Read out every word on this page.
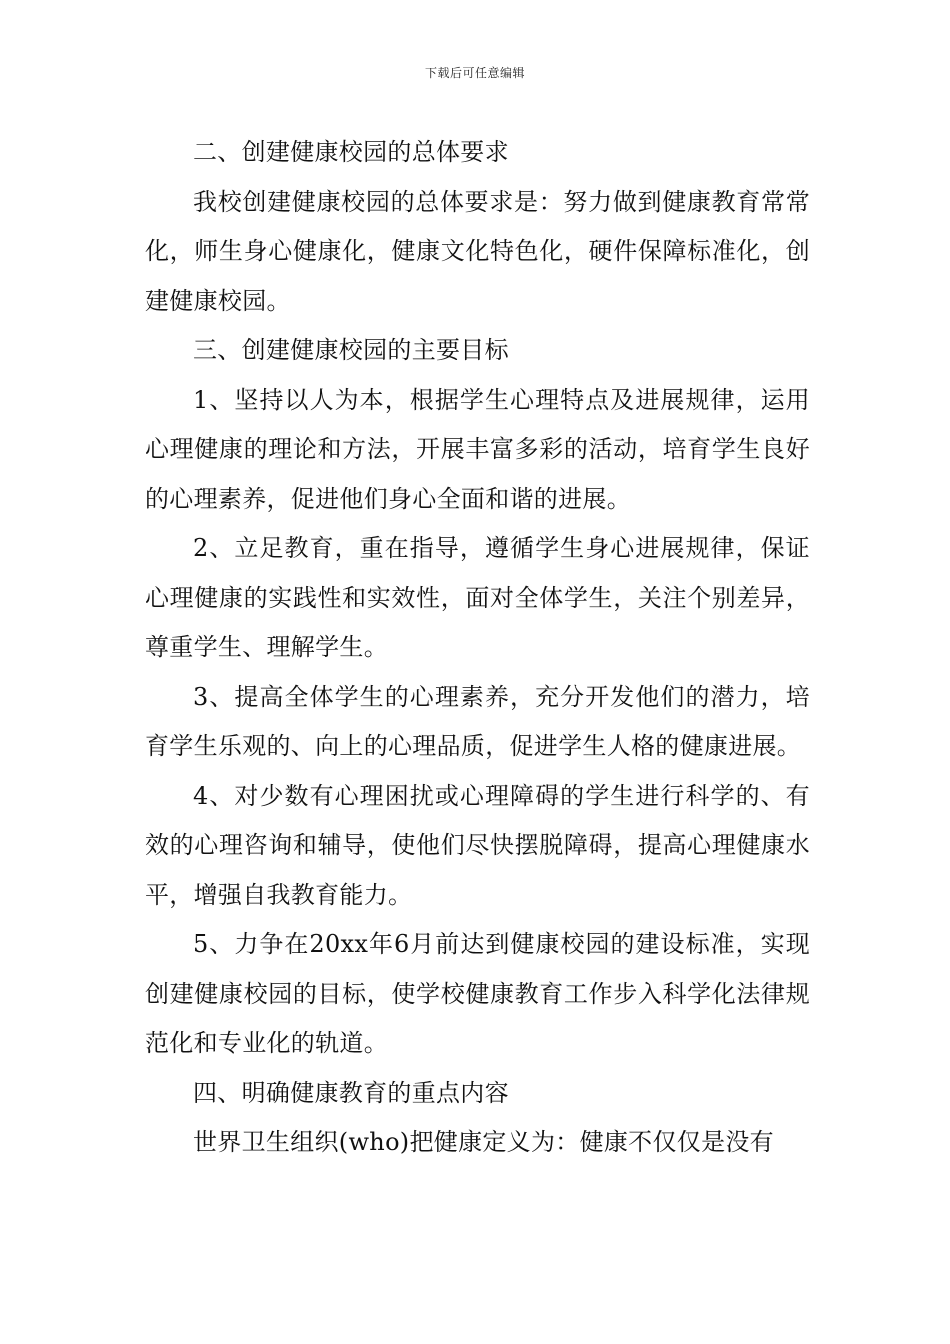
下载后可任意编辑

二、创建健康校园的总体要求

我校创建健康校园的总体要求是：努力做到健康教育常常化，师生身心健康化，健康文化特色化，硬件保障标准化，创建健康校园。

三、创建健康校园的主要目标

1、坚持以人为本，根据学生心理特点及进展规律，运用心理健康的理论和方法，开展丰富多彩的活动，培育学生良好的心理素养，促进他们身心全面和谐的进展。

2、立足教育，重在指导，遵循学生身心进展规律，保证心理健康的实践性和实效性，面对全体学生，关注个别差异，尊重学生、理解学生。

3、提高全体学生的心理素养，充分开发他们的潜力，培育学生乐观的、向上的心理品质，促进学生人格的健康进展。

4、对少数有心理困扰或心理障碍的学生进行科学的、有效的心理咨询和辅导，使他们尽快摆脱障碍，提高心理健康水平，增强自我教育能力。

5、力争在20xx年6月前达到健康校园的建设标准，实现创建健康校园的目标，使学校健康教育工作步入科学化法律规范化和专业化的轨道。

四、明确健康教育的重点内容

世界卫生组织(who)把健康定义为：健康不仅仅是没有
